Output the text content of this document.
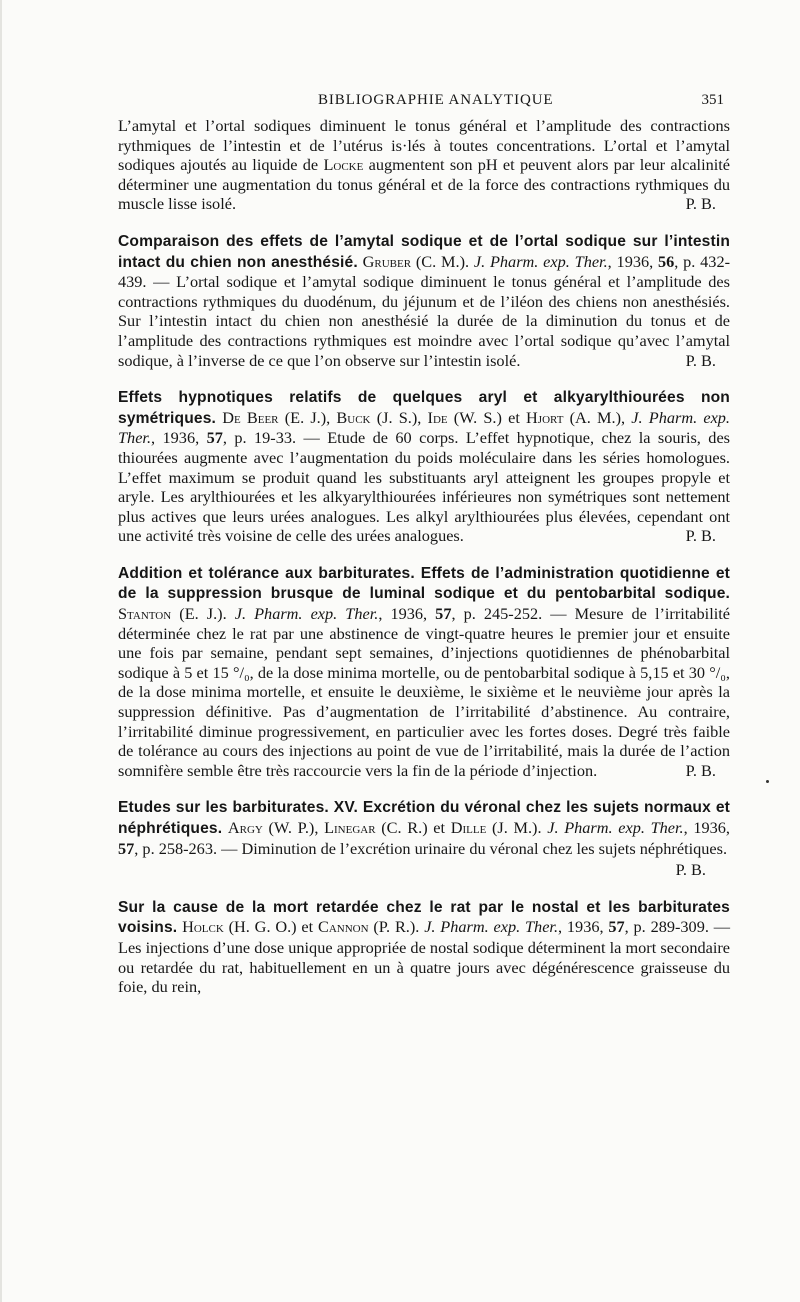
BIBLIOGRAPHIE ANALYTIQUE	351

L’amytal et l’ortal sodiques diminuent le tonus général et l’amplitude des contractions rythmiques de l’intestin et de l’utérus is·lés à toutes concentrations. L’ortal et l’amytal sodiques ajoutés au liquide de Locke augmentent son pH et peuvent alors par leur alcalinité déterminer une augmentation du tonus général et de la force des contractions rythmiques du muscle lisse isolé.	P. B.

Comparaison des effets de l’amytal sodique et de l’ortal sodique sur l’intestin intact du chien non anesthésié. Gruber (C. M.). J. Pharm. exp. Ther., 1936, 56, p. 432-439. — L’ortal sodique et l’amytal sodique diminuent le tonus général et l’amplitude des contractions rythmiques du duodénum, du jéjunum et de l’iléon des chiens non anesthésiés. Sur l’intestin intact du chien non anesthésié la durée de la diminution du tonus et de l’amplitude des contractions rythmiques est moindre avec l’ortal sodique qu’avec l’amytal sodique, à l’inverse de ce que l’on observe sur l’intestin isolé.	P. B.

Effets hypnotiques relatifs de quelques aryl et alkyarylthiourées non symétriques. De Beer (E. J.), Buck (J. S.), Ide (W. S.) et Hjort (A. M.), J. Pharm. exp. Ther., 1936, 57, p. 19-33. — Etude de 60 corps. L’effet hypnotique, chez la souris, des thiourées augmente avec l’augmentation du poids moléculaire dans les séries homologues. L’effet maximum se produit quand les substituants aryl atteignent les groupes propyle et aryle. Les arylthiourées et les alkyarylthiourées inférieures non symétriques sont nettement plus actives que leurs urées analogues. Les alkyl arylthiourées plus élevées, cependant ont une activité très voisine de celle des urées analogues.	P. B.

Addition et tolérance aux barbiturates. Effets de l’administration quotidienne et de la suppression brusque de luminal sodique et du pentobarbital sodique. Stanton (E. J.). J. Pharm. exp. Ther., 1936, 57, p. 245-252. — Mesure de l’irritabilité déterminée chez le rat par une abstinence de vingt-quatre heures le premier jour et ensuite une fois par semaine, pendant sept semaines, d’injections quotidiennes de phénobarbital sodique à 5 et 15 °/₀, de la dose minima mortelle, ou de pentobarbital sodique à 5,15 et 30 °/₀, de la dose minima mortelle, et ensuite le deuxième, le sixième et le neuvième jour après la suppression définitive. Pas d’augmentation de l’irritabilité d’abstinence. Au contraire, l’irritabilité diminue progressivement, en particulier avec les fortes doses. Degré très faible de tolérance au cours des injections au point de vue de l’irritabilité, mais la durée de l’action somnifère semble être très raccourcie vers la fin de la période d’injection.	P. B.

Etudes sur les barbiturates. XV. Excrétion du véronal chez les sujets normaux et néphrétiques. Argy (W. P.), Linegar (C. R.) et Dille (J. M.). J. Pharm. exp. Ther., 1936, 57, p. 258-263. — Diminution de l’excrétion urinaire du véronal chez les sujets néphrétiques.

P. B.

Sur la cause de la mort retardée chez le rat par le nostal et les barbiturates voisins. Holck (H. G. O.) et Cannon (P. R.). J. Pharm. exp. Ther., 1936, 57, p. 289-309. — Les injections d’une dose unique appropriée de nostal sodique déterminent la mort secondaire ou retardée du rat, habituellement en un à quatre jours avec dégénérescence graisseuse du foie, du rein,
